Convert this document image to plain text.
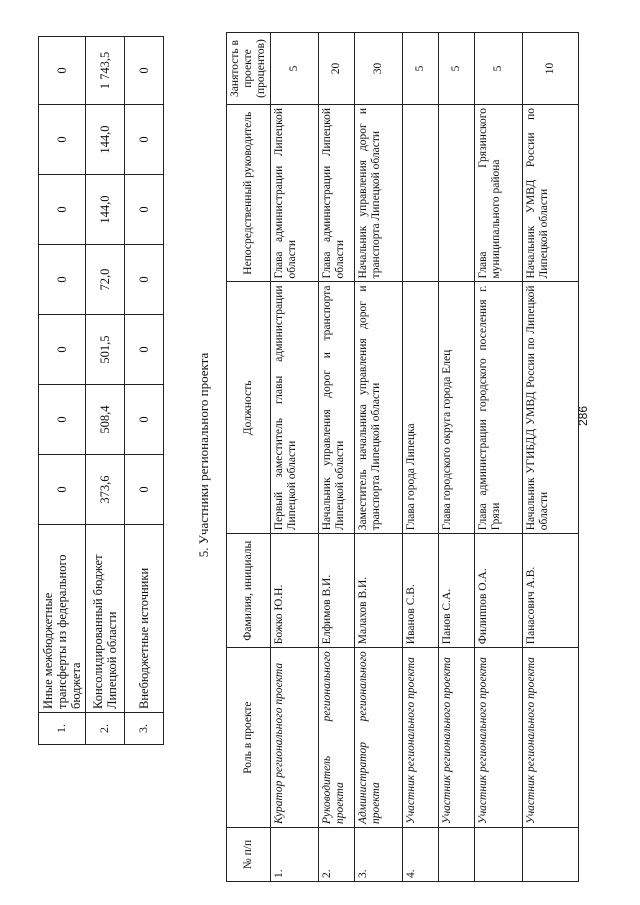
286
1.	Иные межбюджетные трансферты из федерального бюджета	0	0	0	0	0	0	0
2.	Консолидированный бюджет Липецкой области	373,6	508,4	501,5	72,0	144,0	144,0	1 743,5
3.	Внебюджетные источники	0	0	0	0	0	0	0
5. Участники регионального проекта
№ п/п	Роль в проекте	Фамилия, инициалы	Должность	Непосредственный руководитель	Занятость в проекте (процентов)
1.	Куратор регионального проекта	Божко Ю.Н.	Первый заместитель главы администрации Липецкой области	Глава администрации Липецкой области	5
2.	Руководитель регионального проекта	Елфимов В.И.	Начальник управления дорог и транспорта Липецкой области	Глава администрации Липецкой области	20
3.	Администратор регионального проекта	Малахов В.И.	Заместитель начальника управления дорог и транспорта Липецкой области	Начальник управления дорог и транспорта Липецкой области	30
4.	Участник регионального проекта	Иванов С.В.	Глава города Липецка		5
	Участник регионального проекта	Панов С.А.	Глава городского округа города Елец		5
	Участник регионального проекта	Филиппов О.А.	Глава администрации городского поселения г. Грязи	Глава Грязинского муниципального района	5
	Участник регионального проекта	Панасович А.В.	Начальник УГИБДД УМВД России по Липецкой области	Начальник УМВД России по Липецкой области	10
